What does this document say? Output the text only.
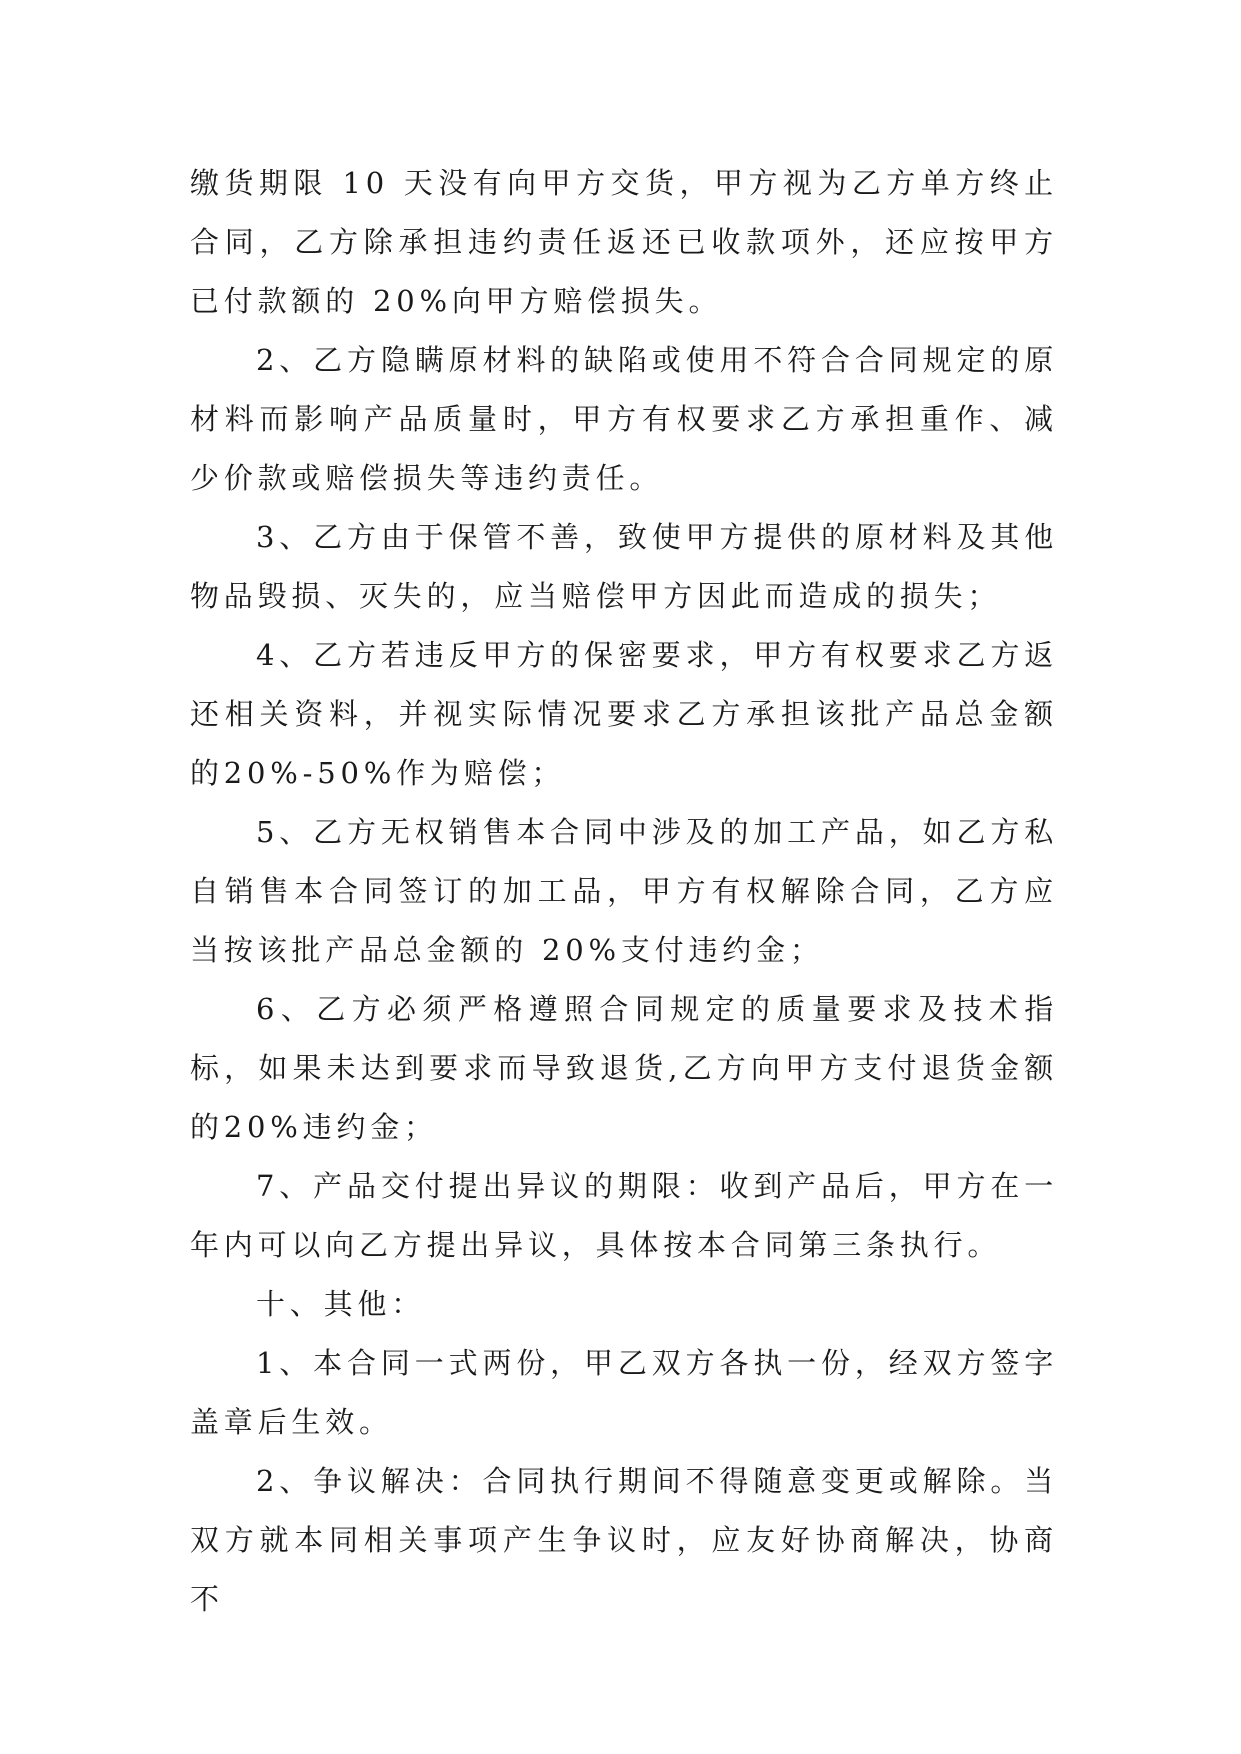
缴货期限 10 天没有向甲方交货，甲方视为乙方单方终止合同，乙方除承担违约责任返还已收款项外，还应按甲方已付款额的 20%向甲方赔偿损失。

2、乙方隐瞒原材料的缺陷或使用不符合合同规定的原材料而影响产品质量时，甲方有权要求乙方承担重作、减少价款或赔偿损失等违约责任。

3、乙方由于保管不善，致使甲方提供的原材料及其他物品毁损、灭失的，应当赔偿甲方因此而造成的损失；

4、乙方若违反甲方的保密要求，甲方有权要求乙方返还相关资料，并视实际情况要求乙方承担该批产品总金额的20%-50%作为赔偿；

5、乙方无权销售本合同中涉及的加工产品，如乙方私自销售本合同签订的加工品，甲方有权解除合同，乙方应当按该批产品总金额的 20%支付违约金；

6、乙方必须严格遵照合同规定的质量要求及技术指标，如果未达到要求而导致退货,乙方向甲方支付退货金额的20%违约金；

7、产品交付提出异议的期限：收到产品后，甲方在一年内可以向乙方提出异议，具体按本合同第三条执行。

十、其他：

1、本合同一式两份，甲乙双方各执一份，经双方签字盖章后生效。

2、争议解决：合同执行期间不得随意变更或解除。当双方就本同相关事项产生争议时，应友好协商解决，协商不
